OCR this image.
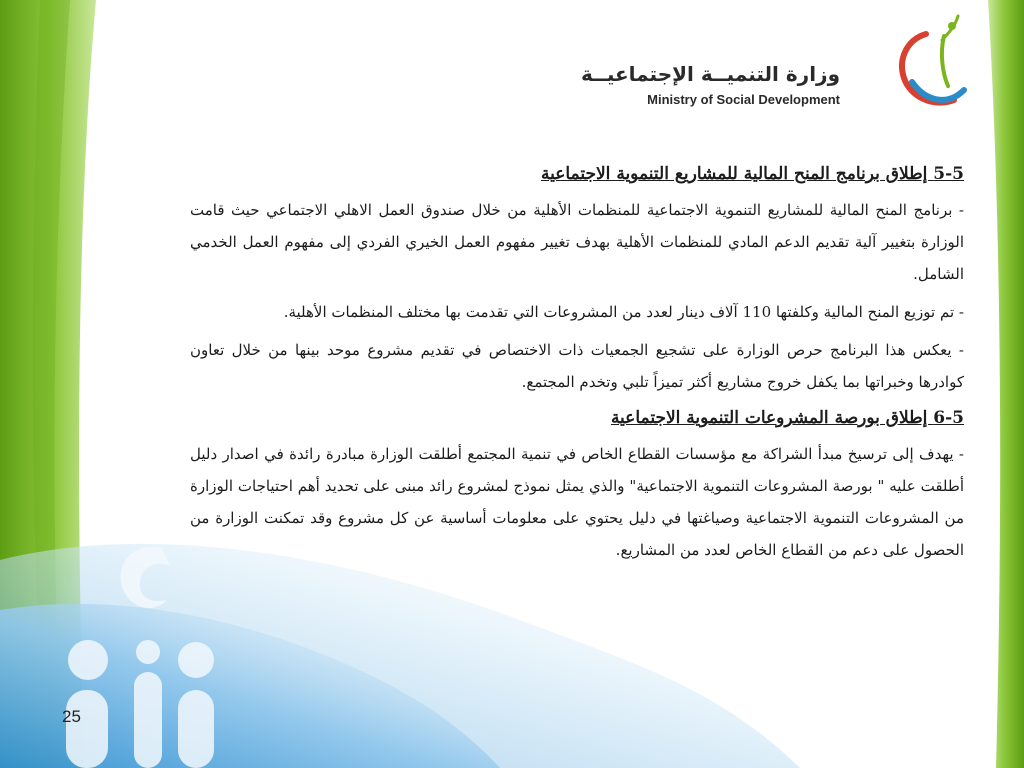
وزارة التنميــة الإجتماعيــة
Ministry of Social Development
5-5 إطلاق برنامج المنح المالية للمشاريع التنموية الاجتماعية

- برنامج المنح المالية للمشاريع التنموية الاجتماعية للمنظمات الأهلية من خلال صندوق العمل الاهلي الاجتماعي حيث قامت الوزارة بتغيير آلية تقديم الدعم المادي للمنظمات الأهلية بهدف تغيير مفهوم العمل الخيري الفردي إلى مفهوم العمل الخدمي الشامل.

- تم توزيع المنح المالية وكلفتها 110 آلاف دينار لعدد من المشروعات التي تقدمت بها مختلف المنظمات الأهلية.

- يعكس هذا البرنامج حرص الوزارة على تشجيع الجمعيات ذات الاختصاص في تقديم مشروع موحد بينها من خلال تعاون كوادرها وخبراتها بما يكفل خروج مشاريع أكثر تميزاً تلبي وتخدم المجتمع.

6-5 إطلاق بورصة المشروعات التنموية الاجتماعية

- يهدف إلى ترسيخ مبدأ الشراكة مع مؤسسات القطاع الخاص في تنمية المجتمع أطلقت الوزارة مبادرة رائدة في اصدار دليل أطلقت عليه " بورصة المشروعات التنموية الاجتماعية" والذي يمثل نموذج لمشروع رائد مبنى على تحديد أهم احتياجات الوزارة من المشروعات التنموية الاجتماعية وصياغتها في دليل يحتوي على معلومات أساسية عن كل مشروع وقد تمكنت الوزارة من الحصول على دعم من القطاع الخاص لعدد من المشاريع.

25
